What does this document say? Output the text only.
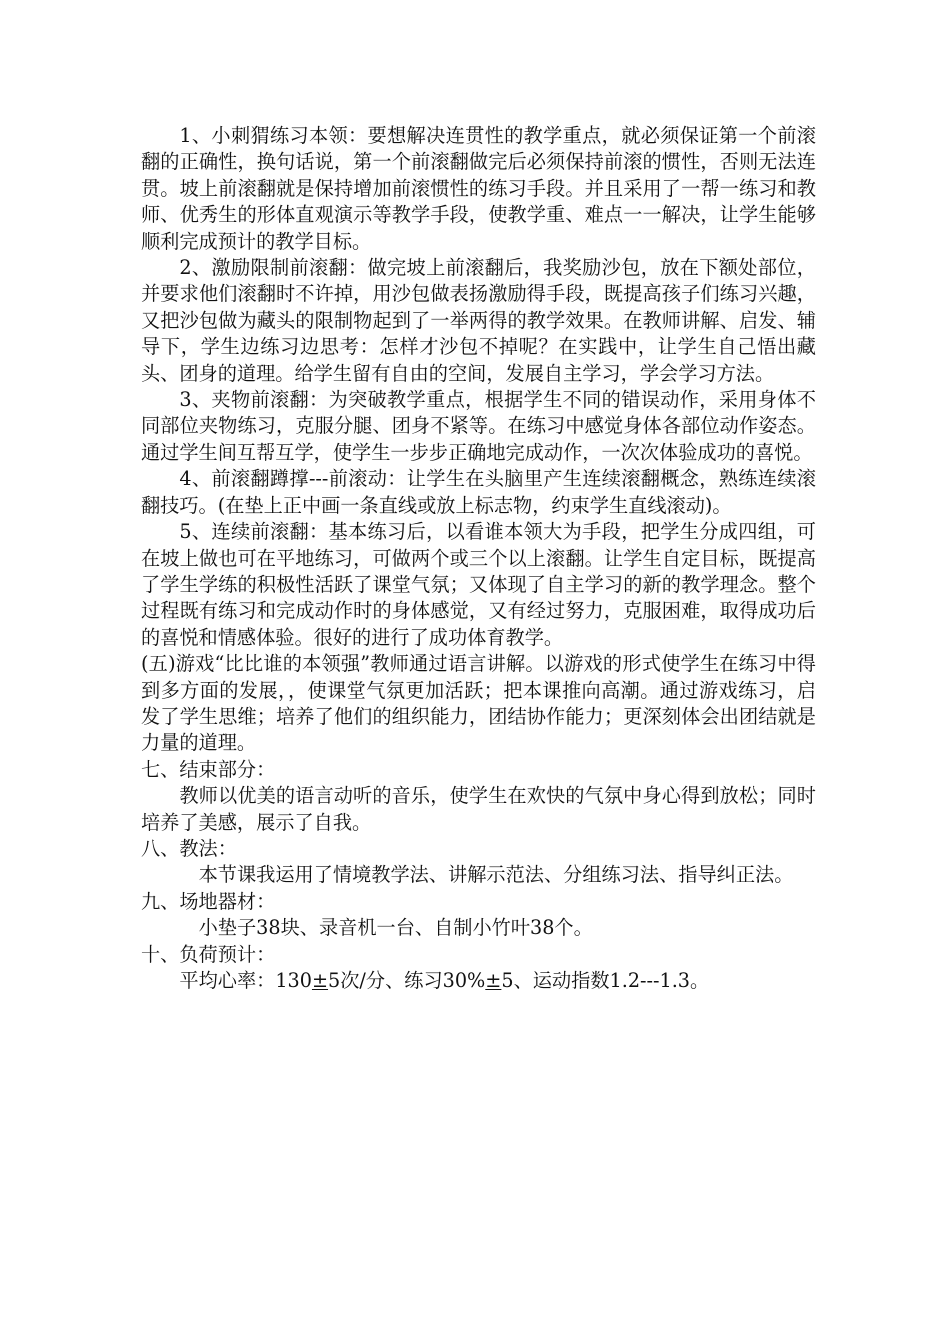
1、小刺猬练习本领：要想解决连贯性的教学重点，就必须保证第一个前滚翻的正确性，换句话说，第一个前滚翻做完后必须保持前滚的惯性，否则无法连贯。坡上前滚翻就是保持增加前滚惯性的练习手段。并且采用了一帮一练习和教师、优秀生的形体直观演示等教学手段，使教学重、难点一一解决，让学生能够顺利完成预计的教学目标。

2、激励限制前滚翻：做完坡上前滚翻后，我奖励沙包，放在下额处部位，并要求他们滚翻时不许掉，用沙包做表扬激励得手段，既提高孩子们练习兴趣，又把沙包做为藏头的限制物起到了一举两得的教学效果。在教师讲解、启发、辅导下，学生边练习边思考：怎样才沙包不掉呢？在实践中，让学生自己悟出藏头、团身的道理。给学生留有自由的空间，发展自主学习，学会学习方法。

3、夹物前滚翻：为突破教学重点，根据学生不同的错误动作，采用身体不同部位夹物练习，克服分腿、团身不紧等。在练习中感觉身体各部位动作姿态。通过学生间互帮互学，使学生一步步正确地完成动作，一次次体验成功的喜悦。

4、前滚翻蹲撑---前滚动：让学生在头脑里产生连续滚翻概念，熟练连续滚翻技巧。(在垫上正中画一条直线或放上标志物，约束学生直线滚动)。

5、连续前滚翻：基本练习后，以看谁本领大为手段，把学生分成四组，可在坡上做也可在平地练习，可做两个或三个以上滚翻。让学生自定目标，既提高了学生学练的积极性活跃了课堂气氛；又体现了自主学习的新的教学理念。整个过程既有练习和完成动作时的身体感觉，又有经过努力，克服困难，取得成功后的喜悦和情感体验。很好的进行了成功体育教学。

(五)游戏“比比谁的本领强”教师通过语言讲解。以游戏的形式使学生在练习中得到多方面的发展，，使课堂气氛更加活跃；把本课推向高潮。通过游戏练习，启发了学生思维；培养了他们的组织能力，团结协作能力；更深刻体会出团结就是力量的道理。

七、结束部分：

教师以优美的语言动听的音乐，使学生在欢快的气氛中身心得到放松；同时培养了美感，展示了自我。

八、教法：

本节课我运用了情境教学法、讲解示范法、分组练习法、指导纠正法。

九、场地器材：

小垫子38块、录音机一台、自制小竹叶38个。

十、负荷预计：

平均心率：130±5次/分、练习30%±5、运动指数1.2---1.3。
